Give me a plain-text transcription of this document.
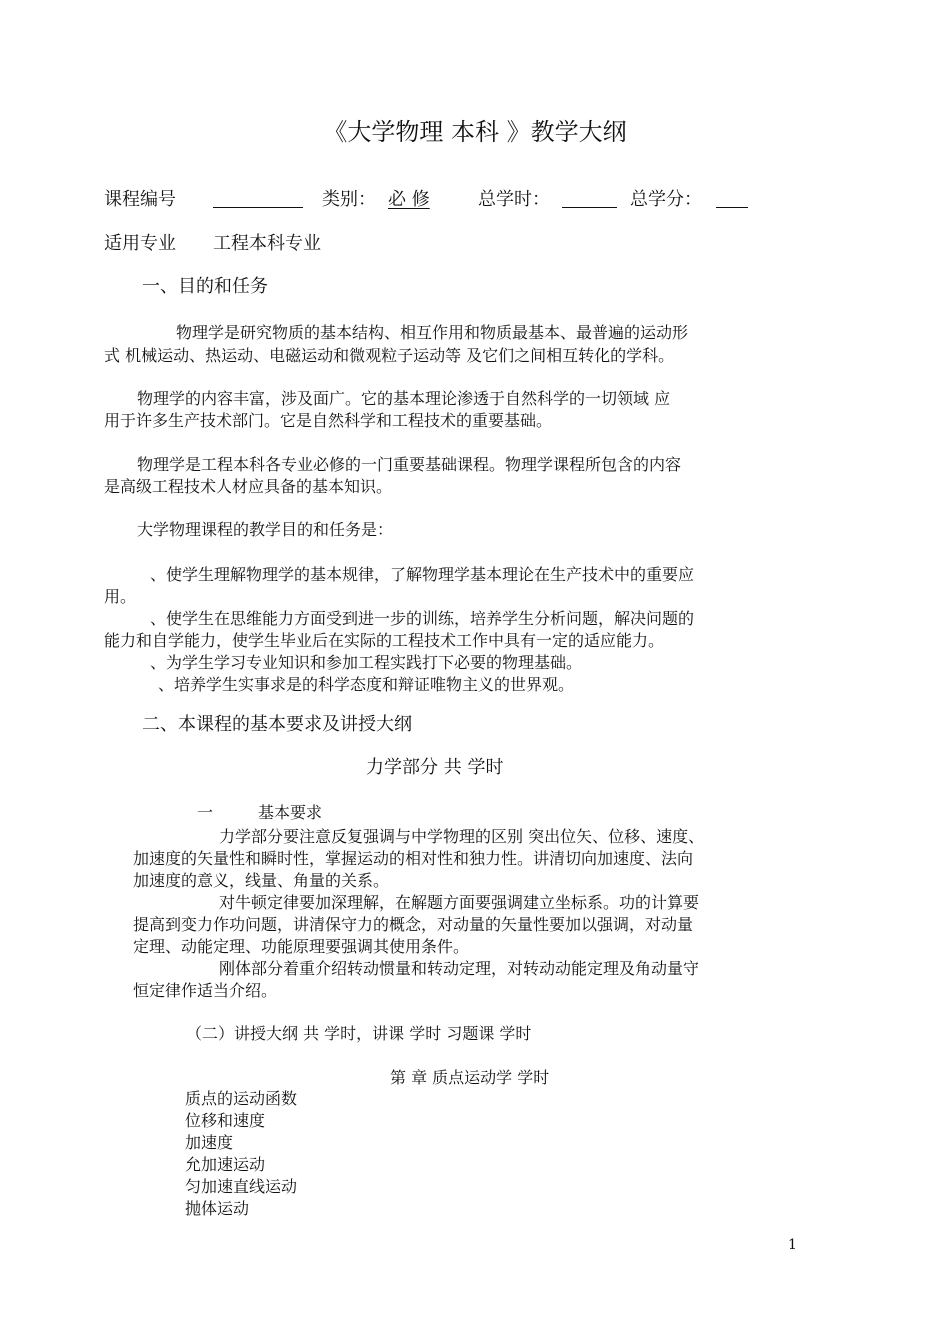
《大学物理 本科 》教学大纲
课程编号	类别： 必 修	总学时：	总学分：
适用专业 工程本科专业
一、目的和任务
物理学是研究物质的基本结构、相互作用和物质最基本、最普遍的运动形
式 机械运动、热运动、电磁运动和微观粒子运动等 及它们之间相互转化的学科。
物理学的内容丰富，涉及面广。它的基本理论渗透于自然科学的一切领域 应
用于许多生产技术部门。它是自然科学和工程技术的重要基础。
物理学是工程本科各专业必修的一门重要基础课程。物理学课程所包含的内容
是高级工程技术人材应具备的基本知识。
大学物理课程的教学目的和任务是：
、使学生理解物理学的基本规律，了解物理学基本理论在生产技术中的重要应
用。
、使学生在思维能力方面受到进一步的训练，培养学生分析问题，解决问题的
能力和自学能力，使学生毕业后在实际的工程技术工作中具有一定的适应能力。
、为学生学习专业知识和参加工程实践打下必要的物理基础。
、培养学生实事求是的科学态度和辩证唯物主义的世界观。
二、本课程的基本要求及讲授大纲
力学部分 共 学时
一	基本要求
力学部分要注意反复强调与中学物理的区别 突出位矢、位移、速度、
加速度的矢量性和瞬时性，掌握运动的相对性和独力性。讲清切向加速度、法向
加速度的意义，线量、角量的关系。
对牛顿定律要加深理解，在解题方面要强调建立坐标系。功的计算要
提高到变力作功问题，讲清保守力的概念，对动量的矢量性要加以强调，对动量
定理、动能定理、功能原理要强调其使用条件。
刚体部分着重介绍转动惯量和转动定理，对转动动能定理及角动量守
恒定律作适当介绍。
（二）讲授大纲 共 学时，讲课 学时 习题课 学时
第 章 质点运动学 学时
质点的运动函数
位移和速度
加速度
允加速运动
匀加速直线运动
抛体运动
1
